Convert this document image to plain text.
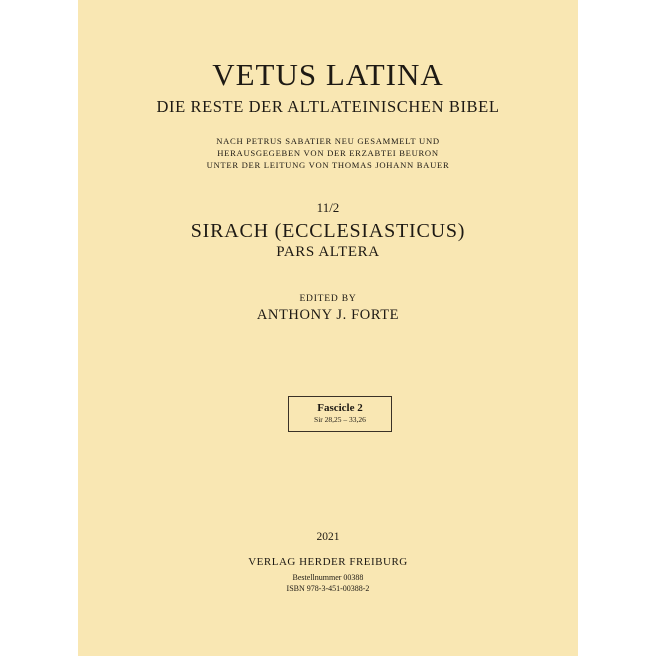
VETUS LATINA
DIE RESTE DER ALTLATEINISCHEN BIBEL
NACH PETRUS SABATIER NEU GESAMMELT UND
HERAUSGEGEBEN VON DER ERZABTEI BEURON
UNTER DER LEITUNG VON THOMAS JOHANN BAUER
11/2
SIRACH (ECCLESIASTICUS)
PARS ALTERA
EDITED BY
ANTHONY J. FORTE
Fascicle 2
Sir 28,25 – 33,26
2021
VERLAG HERDER FREIBURG
Bestellnummer 00388
ISBN 978-3-451-00388-2
